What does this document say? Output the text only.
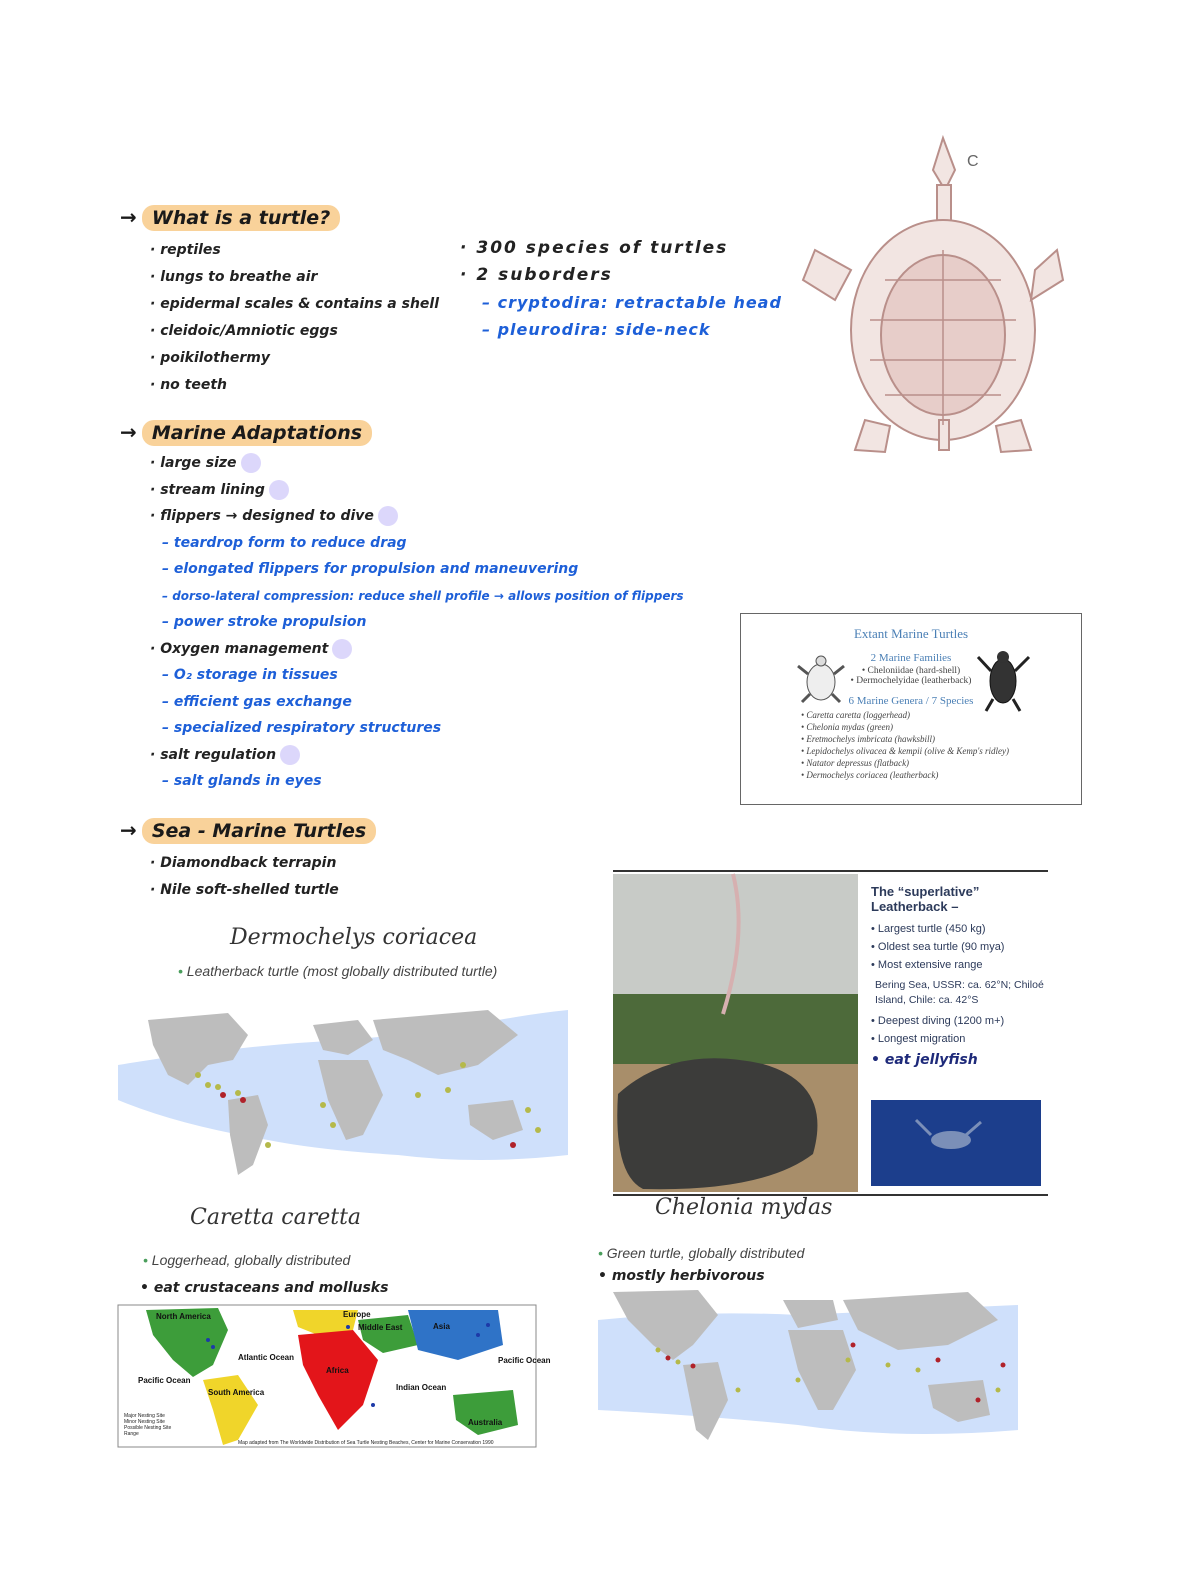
→ What is a turtle?
· reptiles
· lungs to breathe air
· epidermal scales & contains a shell
· cleidoic/Amniotic eggs
· poikilothermy
· no teeth
· 300 species of turtles
· 2 suborders
– cryptodira: retractable head
– pleurodira: side-neck
C
→ Marine Adaptations
· large size
· stream lining
· flippers → designed to dive
– teardrop form to reduce drag
– elongated flippers for propulsion and maneuvering
– dorso-lateral compression: reduce shell profile → allows position of flippers
– power stroke propulsion
· Oxygen management
– O₂ storage in tissues
– efficient gas exchange
– specialized respiratory structures
· salt regulation
– salt glands in eyes
Extant Marine Turtles
2 Marine Families
• Cheloniidae (hard-shell)
• Dermochelyidae (leatherback)
6 Marine Genera / 7 Species
• Caretta caretta (loggerhead)
• Chelonia mydas (green)
• Eretmochelys imbricata (hawksbill)
• Lepidochelys olivacea & kempii (olive & Kemp's ridley)
• Natator depressus (flatback)
• Dermochelys coriacea (leatherback)
→ Sea - Marine Turtles
· Diamondback terrapin
· Nile soft-shelled turtle
Dermochelys coriacea
• Leatherback turtle (most globally distributed turtle)
The “superlative” Leatherback –
• Largest turtle (450 kg)
• Oldest sea turtle (90 mya)
• Most extensive range
Bering Sea, USSR: ca. 62°N; Chiloé Island, Chile: ca. 42°S
• Deepest diving (1200 m+)
• Longest migration
• eat jellyfish
Caretta caretta
• Loggerhead, globally distributed
• eat crustaceans and mollusks
North America	Europe
Middle East	Asia
Atlantic Ocean
Africa
Pacific Ocean
Pacific Ocean
South America
Indian Ocean
Australia
Major Nesting Site
Minor Nesting Site
Possible Nesting Site
Range
Map adapted from The Worldwide Distribution of Sea Turtle Nesting Beaches, Center for Marine Conservation 1990
Chelonia mydas
• Green turtle, globally distributed
• mostly herbivorous
